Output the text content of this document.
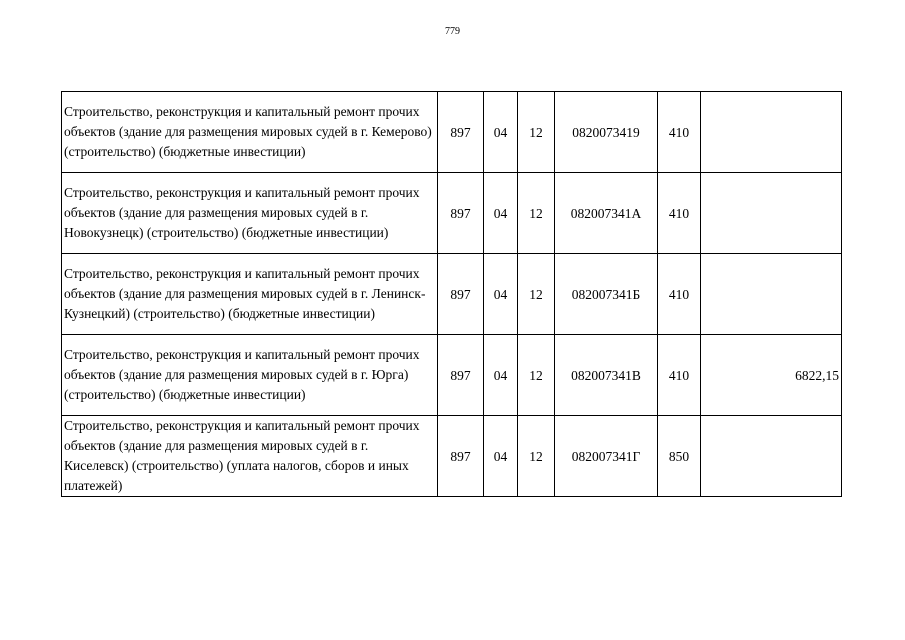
779
Строительство, реконструкция и капитальный ремонт прочих объектов (здание для размещения мировых судей в г. Кемерово) (строительство) (бюджетные инвестиции)	897	04	12	0820073419	410	
Строительство, реконструкция и капитальный ремонт прочих объектов (здание для размещения мировых судей в г. Новокузнецк) (строительство) (бюджетные инвестиции)	897	04	12	082007341А	410	
Строительство, реконструкция и капитальный ремонт прочих объектов (здание для размещения мировых судей в г. Ленинск-Кузнецкий) (строительство) (бюджетные инвестиции)	897	04	12	082007341Б	410	
Строительство, реконструкция и капитальный ремонт прочих объектов (здание для размещения мировых судей в г. Юрга) (строительство) (бюджетные инвестиции)	897	04	12	082007341В	410	6822,15
Строительство, реконструкция и капитальный ремонт прочих объектов (здание для размещения мировых судей в г. Киселевск) (строительство) (уплата налогов, сборов и иных платежей)	897	04	12	082007341Г	850	
